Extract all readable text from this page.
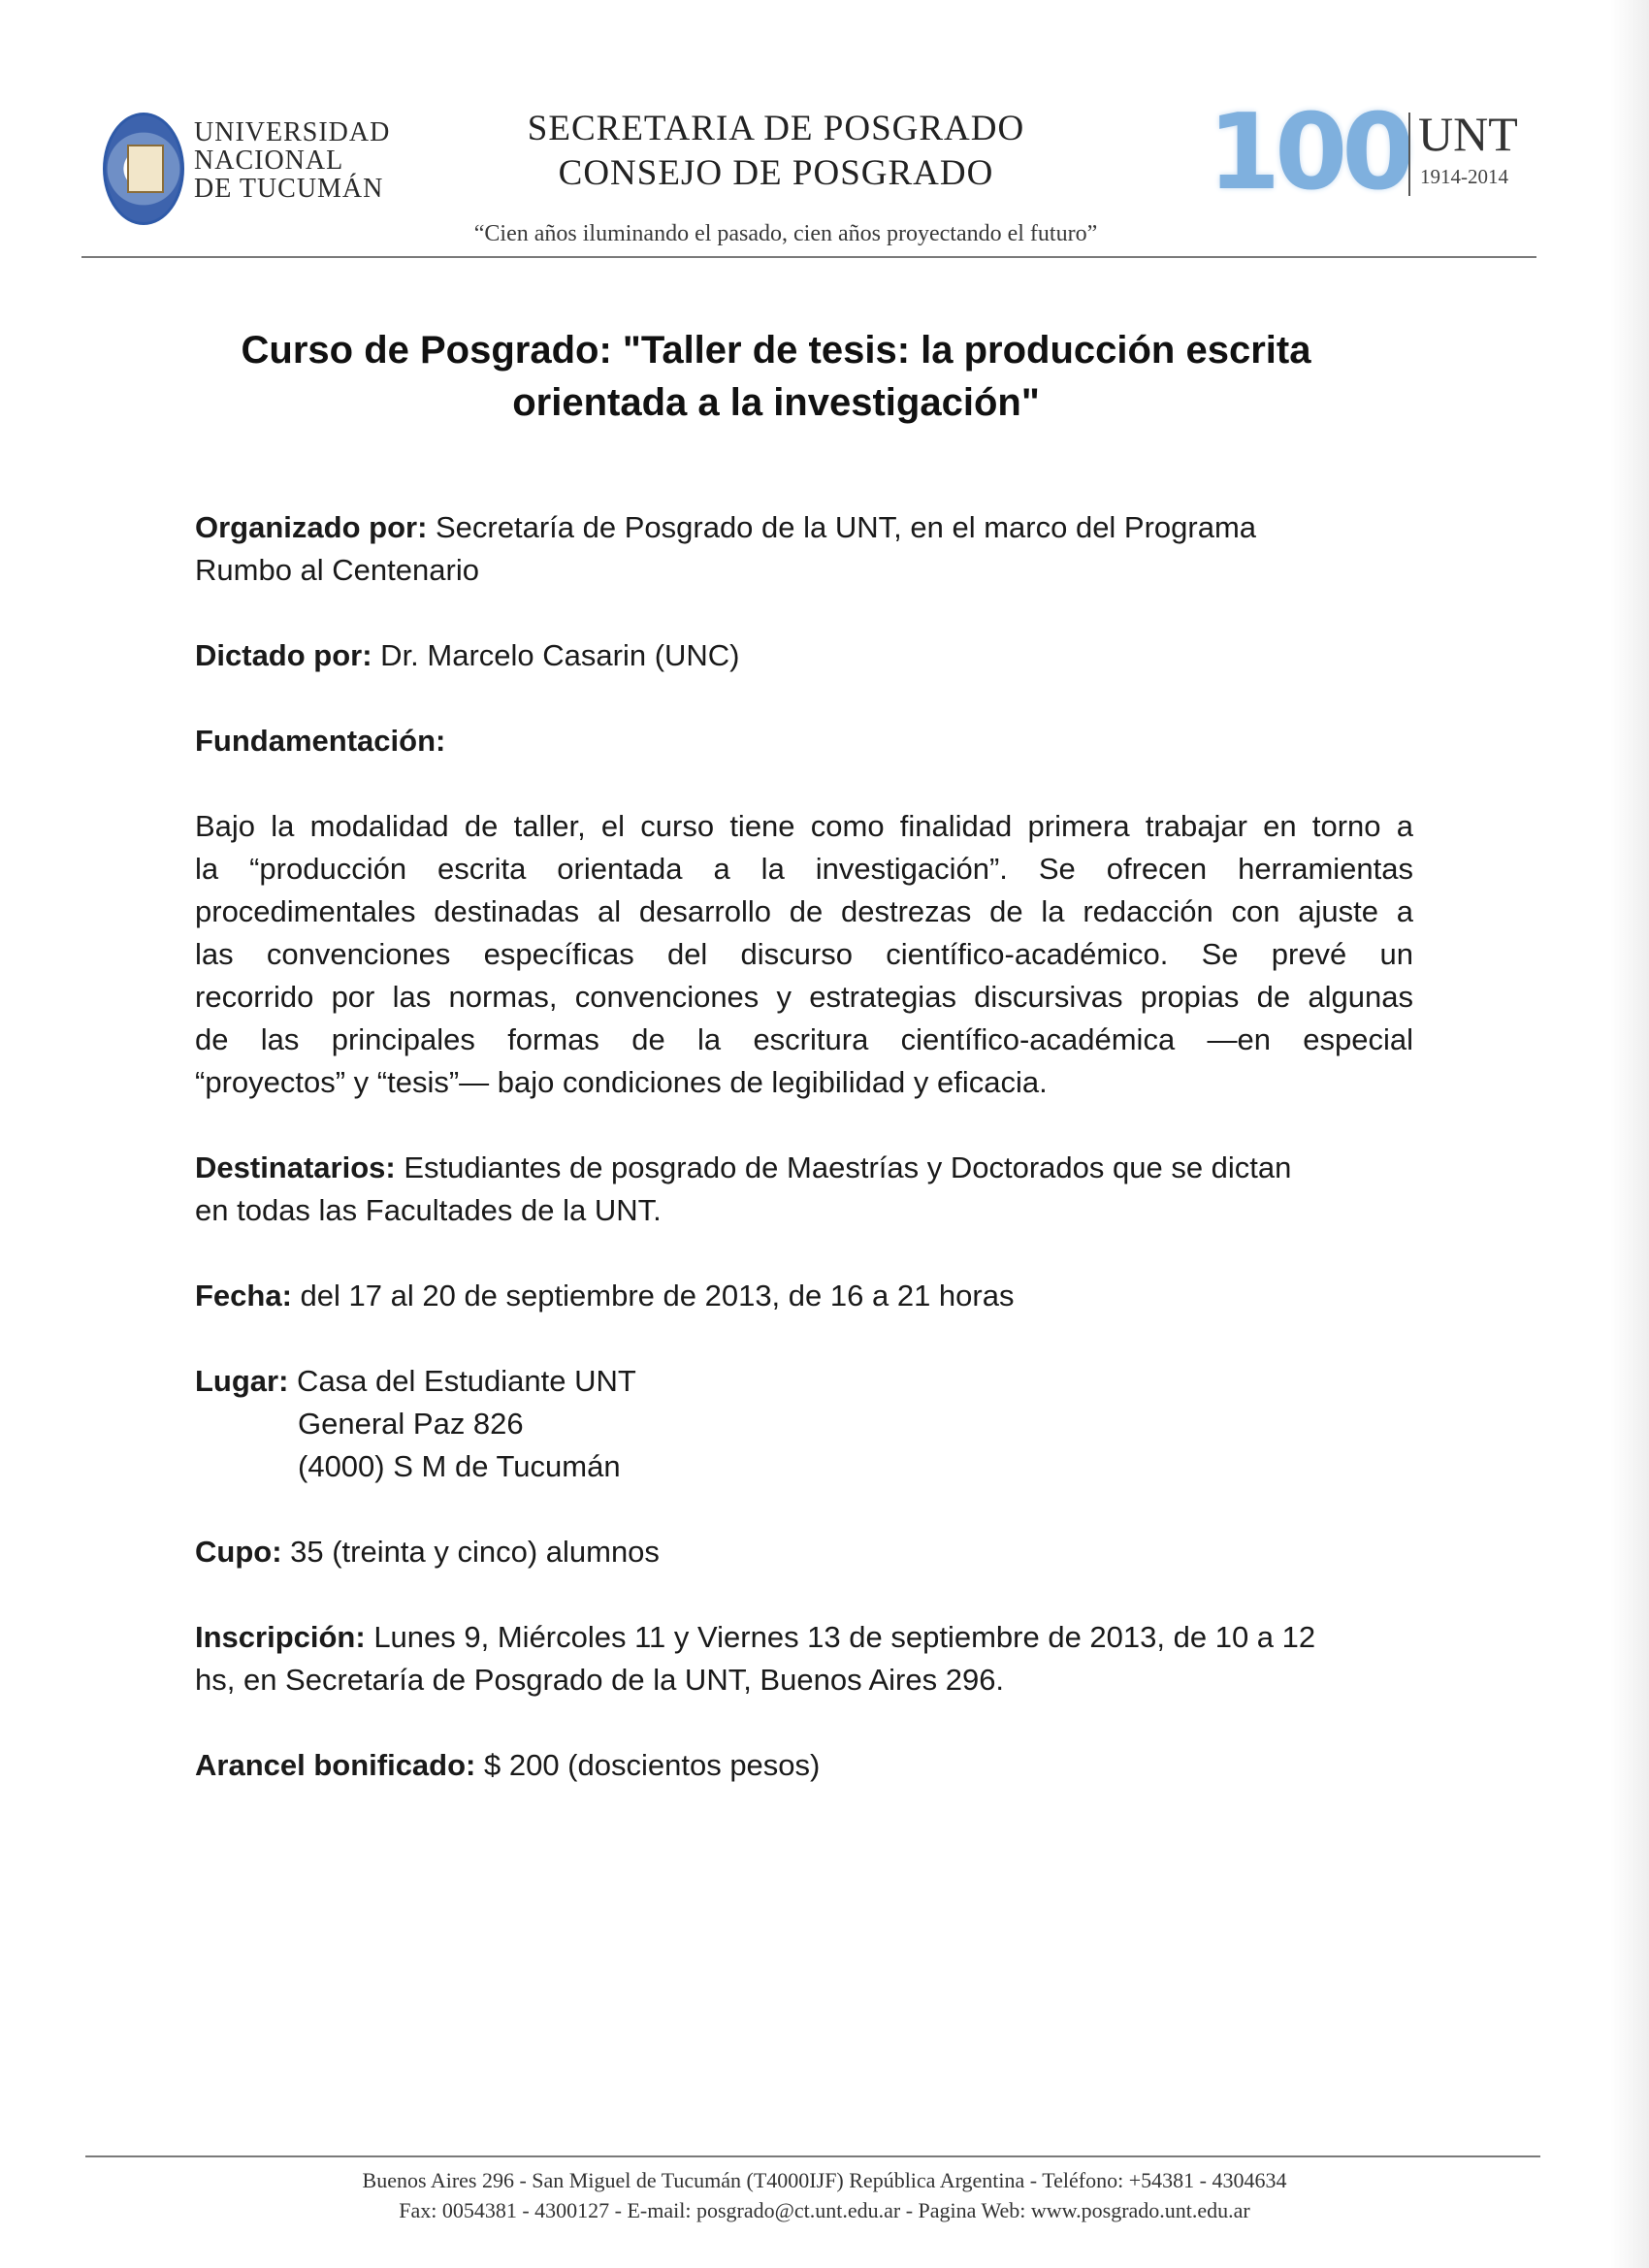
UNIVERSIDAD
NACIONAL
DE TUCUMÁN
SECRETARIA DE POSGRADO
CONSEJO DE POSGRADO
“Cien años iluminando el pasado, cien años proyectando el futuro”
100 UNT
1914-2014
Curso de Posgrado: "Taller de tesis: la producción escrita
orientada a la investigación"
Organizado por: Secretaría de Posgrado de la UNT, en el marco del Programa
Rumbo al Centenario
Dictado por: Dr. Marcelo Casarin (UNC)
Fundamentación:
Bajo la modalidad de taller, el curso tiene como finalidad primera trabajar en torno a
la “producción escrita orientada a la investigación”. Se ofrecen herramientas
procedimentales destinadas al desarrollo de destrezas de la redacción con ajuste a
las convenciones específicas del discurso científico-académico. Se prevé un
recorrido por las normas, convenciones y estrategias discursivas propias de algunas
de las principales formas de la escritura científico-académica —en especial
“proyectos” y “tesis”— bajo condiciones de legibilidad y eficacia.
Destinatarios: Estudiantes de posgrado de Maestrías y Doctorados que se dictan
en todas las Facultades de la UNT.
Fecha: del 17 al 20 de septiembre de 2013, de 16 a 21 horas
Lugar: Casa del Estudiante UNT
General Paz 826
(4000) S M de Tucumán
Cupo: 35 (treinta y cinco) alumnos
Inscripción: Lunes 9, Miércoles 11 y Viernes 13 de septiembre de 2013, de 10 a 12
hs, en Secretaría de Posgrado de la UNT, Buenos Aires 296.
Arancel bonificado: $ 200 (doscientos pesos)
Buenos Aires 296 - San Miguel de Tucumán (T4000IJF) República Argentina - Teléfono: +54381 - 4304634
Fax: 0054381 - 4300127 - E-mail: posgrado@ct.unt.edu.ar - Pagina Web: www.posgrado.unt.edu.ar
